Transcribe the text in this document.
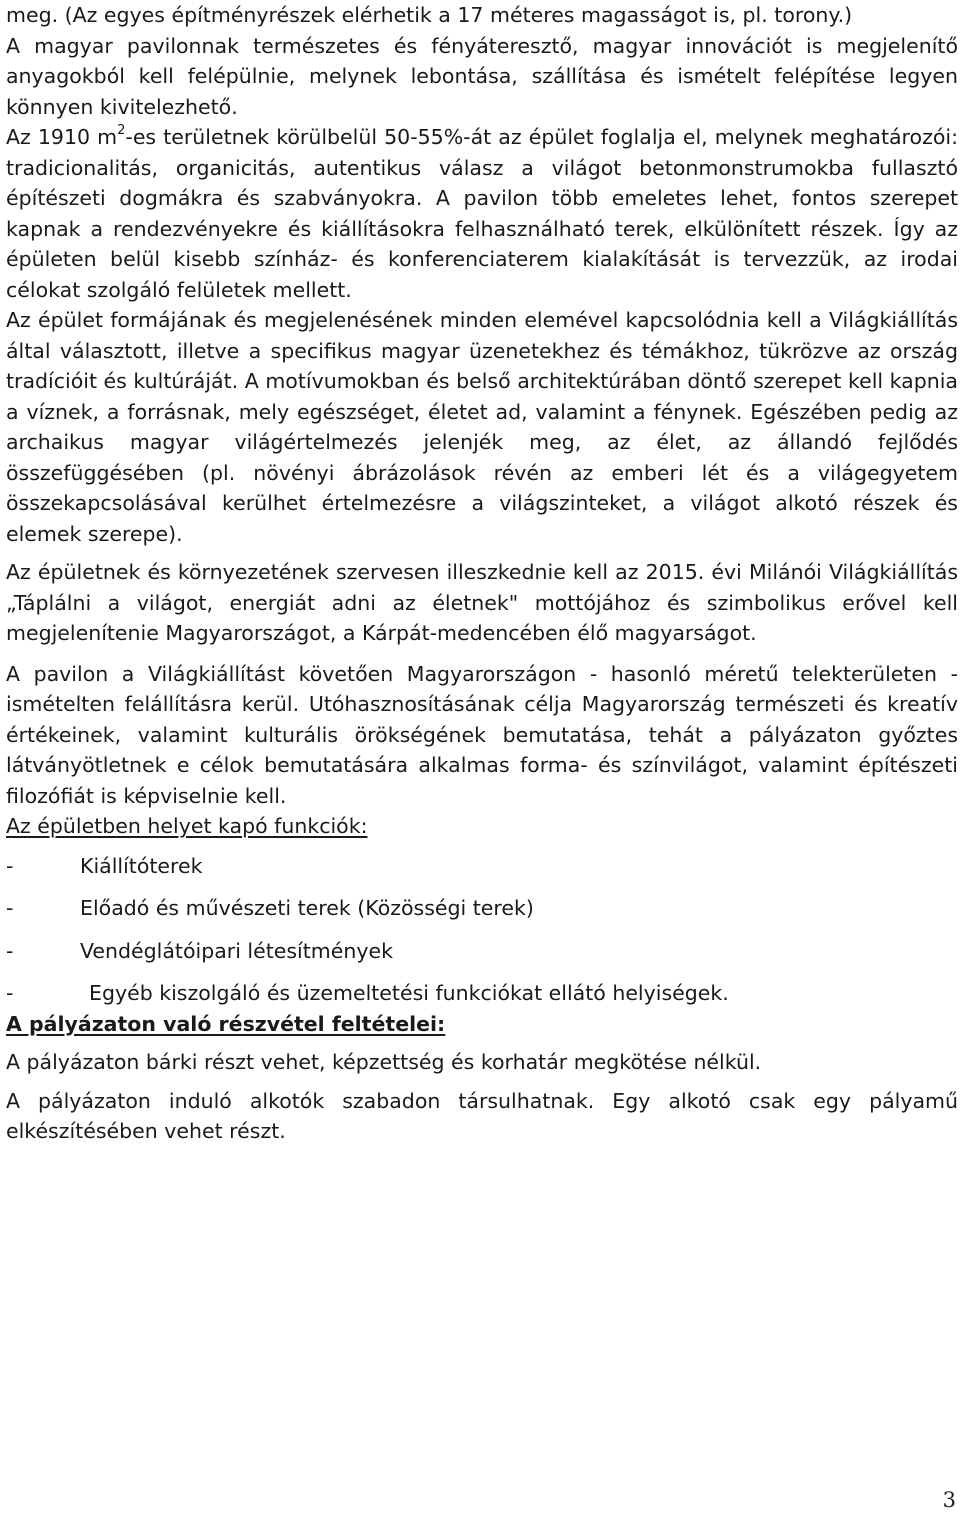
meg. (Az egyes építményrészek elérhetik a 17 méteres magasságot is, pl. torony.)

A magyar pavilonnak természetes és fényáteresztő, magyar innovációt is megjelenítő anyagokból kell felépülnie, melynek lebontása, szállítása és ismételt felépítése legyen könnyen kivitelezhető.

Az 1910 $m^2-es$ területnek körülbelül 50-55%-át az épület foglalja el, melynek meghatározói: tradicionalitás, organicitás, autentikus válasz a világot betonmonstrumokba fullasztó építészeti dogmákra és szabványokra. A pavilon több emeletes lehet, fontos szerepet kapnak a rendezvényekre és kiállításokra felhasználható terek, elkülönített részek. Így az épületen belül kisebb színház- és konferenciaterem kialakítását is tervezzük, az irodai célokat szolgáló felületek mellett.

Az épület formájának és megjelenésének minden elemével kapcsolódnia kell a Világkiállítás által választott, illetve a specifikus magyar üzenetekhez és témákhoz, tükrözve az ország tradícióit és kultúráját. A motívumokban és belső architektúrában döntő szerepet kell kapnia a víznek, a forrásnak, mely egészséget, életet ad, valamint a fénynek. Egészében pedig az archaikus magyar világértelmezés jelenjék meg, az élet, az állandó fejlődés összefüggésében (pl. növényi ábrázolások révén az emberi lét és a világegyetem összekapcsolásával kerülhet értelmezésre a világszinteket, a világot alkotó részek és elemek szerepe).

Az épületnek és környezetének szervesen illeszkednie kell az 2015. évi Milánói Világkiállítás „Táplálni a világot, energiát adni az életnek" mottójához és szimbolikus erővel kell megjelenítenie Magyarországot, a Kárpát-medencében élő magyarságot.

A pavilon a Világkiállítást követően Magyarországon - hasonló méretű telekterületen - ismételten felállításra kerül. Utóhasznosításának célja Magyarország természeti és kreatív értékeinek, valamint kulturális örökségének bemutatása, tehát a pályázaton győztes látványötletnek e célok bemutatására alkalmas forma- és színvilágot, valamint építészeti filozófiát is képviselnie kell.

Az épületben helyet kapó funkciók:

-	Kiállítóterek
-	Előadó és művészeti terek (Közösségi terek)
-	Vendéglátóipari létesítmények
-	Egyéb kiszolgáló és üzemeltetési funkciókat ellátó helyiségek.

A pályázaton való részvétel feltételei:

A pályázaton bárki részt vehet, képzettség és korhatár megkötése nélkül.

A pályázaton induló alkotók szabadon társulhatnak. Egy alkotó csak egy pályamű elkészítésében vehet részt.

3
